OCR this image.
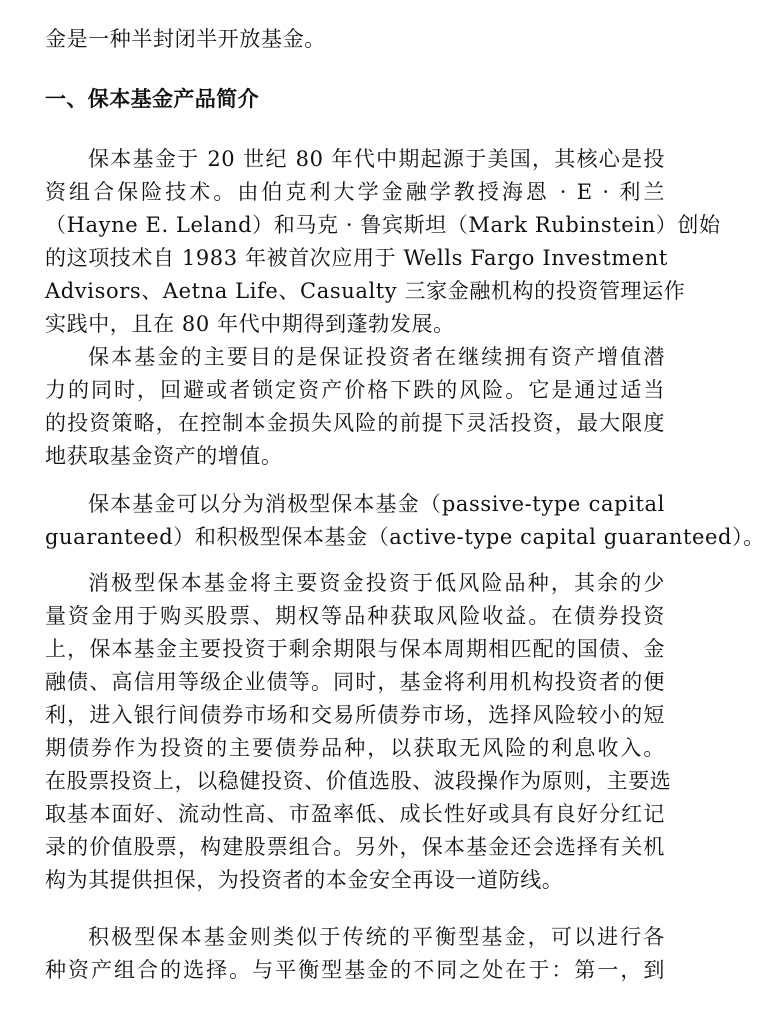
金是一种半封闭半开放基金。
一、保本基金产品简介
保本基金于 20 世纪 80 年代中期起源于美国，其核心是投
资组合保险技术。由伯克利大学金融学教授海恩 · E · 利兰
（Hayne E. Leland）和马克 · 鲁宾斯坦（Mark Rubinstein）创始
的这项技术自 1983 年被首次应用于 Wells Fargo Investment
Advisors、Aetna Life、Casualty 三家金融机构的投资管理运作
实践中，且在 80 年代中期得到蓬勃发展。
保本基金的主要目的是保证投资者在继续拥有资产增值潜
力的同时，回避或者锁定资产价格下跌的风险。它是通过适当
的投资策略，在控制本金损失风险的前提下灵活投资，最大限度
地获取基金资产的增值。
保本基金可以分为消极型保本基金（passive-type capital
guaranteed）和积极型保本基金（active-type capital guaranteed）。
消极型保本基金将主要资金投资于低风险品种，其余的少
量资金用于购买股票、期权等品种获取风险收益。在债券投资
上，保本基金主要投资于剩余期限与保本周期相匹配的国债、金
融债、高信用等级企业债等。同时，基金将利用机构投资者的便
利，进入银行间债券市场和交易所债券市场，选择风险较小的短
期债券作为投资的主要债券品种，以获取无风险的利息收入。
在股票投资上，以稳健投资、价值选股、波段操作为原则，主要选
取基本面好、流动性高、市盈率低、成长性好或具有良好分红记
录的价值股票，构建股票组合。另外，保本基金还会选择有关机
构为其提供担保，为投资者的本金安全再设一道防线。
积极型保本基金则类似于传统的平衡型基金，可以进行各
种资产组合的选择。与平衡型基金的不同之处在于：第一，到
